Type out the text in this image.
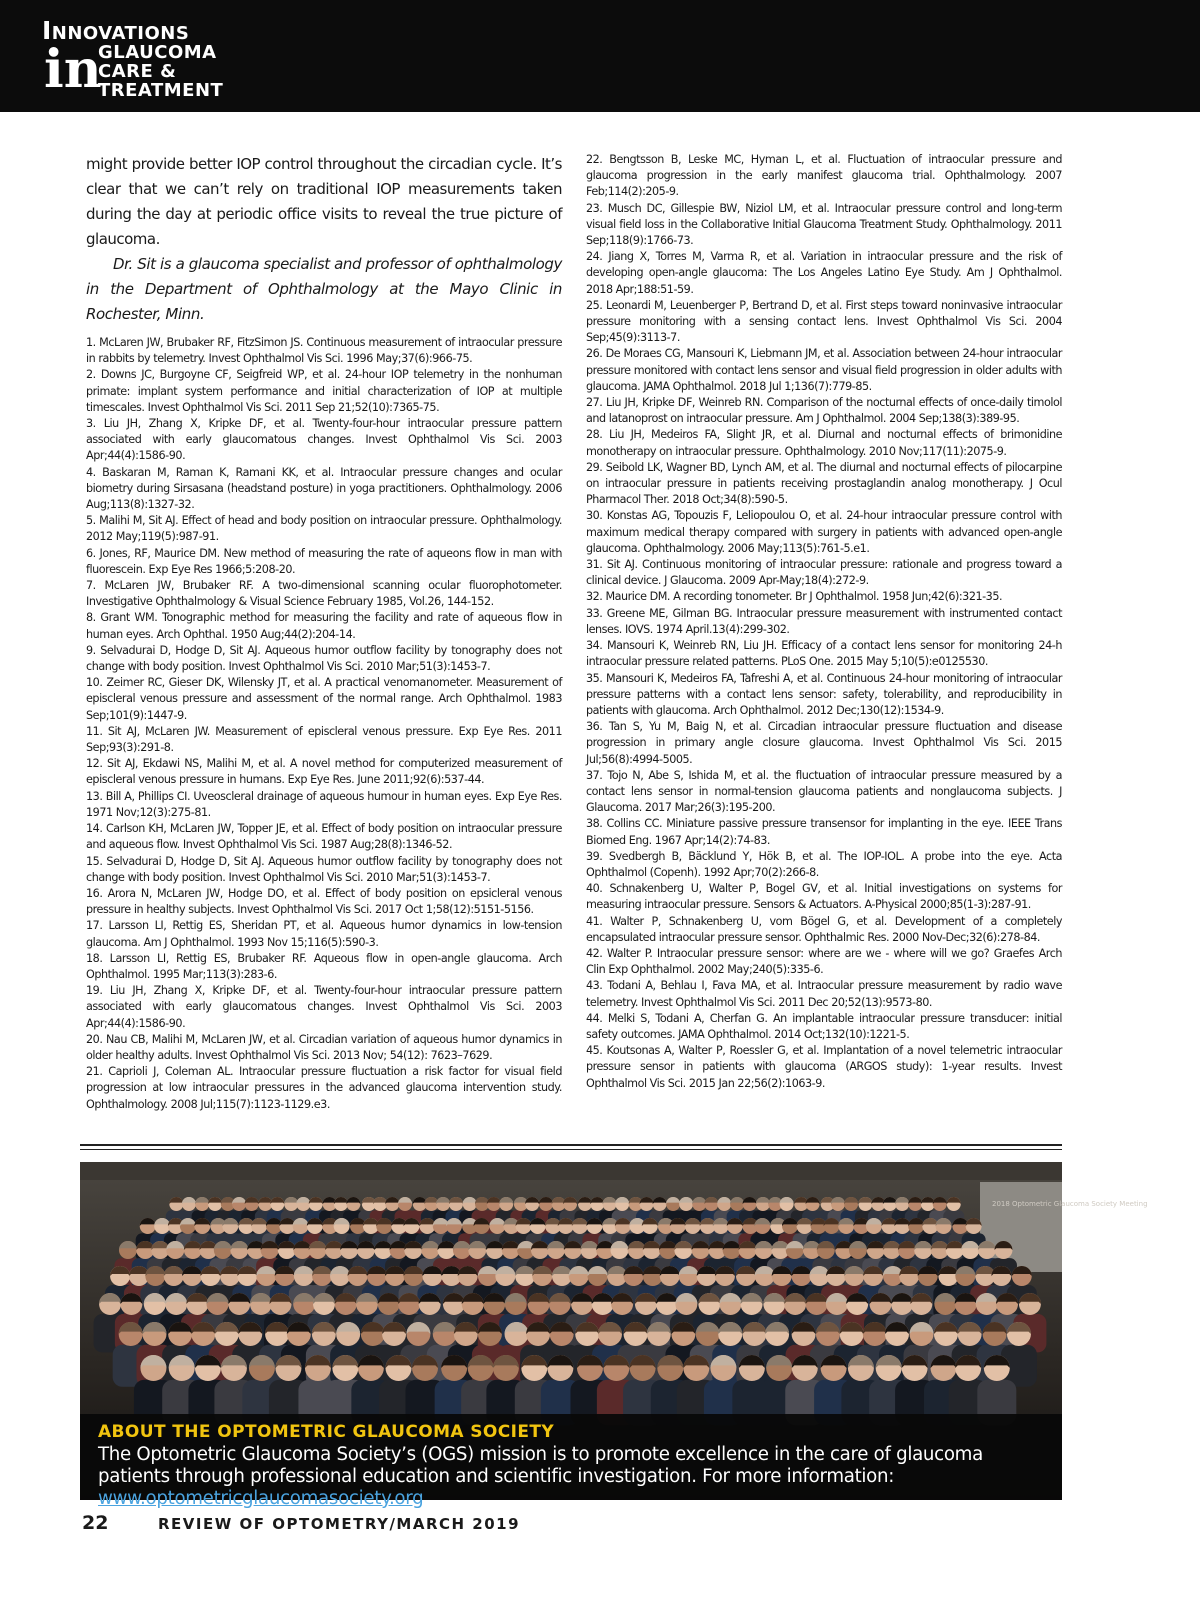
Innovations
in
GLAUCOMA
CARE &
TREATMENT

might provide better IOP control throughout the circadian cycle. It’s clear that we can’t rely on traditional IOP measurements taken during the day at periodic office visits to reveal the true picture of glaucoma.

Dr. Sit is a glaucoma specialist and professor of ophthalmology in the Department of Ophthalmology at the Mayo Clinic in Rochester, Minn.

1. McLaren JW, Brubaker RF, FitzSimon JS. Continuous measurement of intraocular pressure in rabbits by telemetry. Invest Ophthalmol Vis Sci. 1996 May;37(6):966-75.
2. Downs JC, Burgoyne CF, Seigfreid WP, et al. 24-hour IOP telemetry in the nonhuman primate: implant system performance and initial characterization of IOP at multiple timescales. Invest Ophthalmol Vis Sci. 2011 Sep 21;52(10):7365-75.
3. Liu JH, Zhang X, Kripke DF, et al. Twenty-four-hour intraocular pressure pattern associated with early glaucomatous changes. Invest Ophthalmol Vis Sci. 2003 Apr;44(4):1586-90.
4. Baskaran M, Raman K, Ramani KK, et al. Intraocular pressure changes and ocular biometry during Sirsasana (headstand posture) in yoga practitioners. Ophthalmology. 2006 Aug;113(8):1327-32.
5. Malihi M, Sit AJ. Effect of head and body position on intraocular pressure. Ophthalmology. 2012 May;119(5):987-91.
6. Jones, RF, Maurice DM. New method of measuring the rate of aqueons flow in man with fluorescein. Exp Eye Res 1966;5:208-20.
7. McLaren JW, Brubaker RF. A two-dimensional scanning ocular fluorophotometer. Investigative Ophthalmology & Visual Science February 1985, Vol.26, 144-152.
8. Grant WM. Tonographic method for measuring the facility and rate of aqueous flow in human eyes. Arch Ophthal. 1950 Aug;44(2):204-14.
9. Selvadurai D, Hodge D, Sit AJ. Aqueous humor outflow facility by tonography does not change with body position. Invest Ophthalmol Vis Sci. 2010 Mar;51(3):1453-7.
10. Zeimer RC, Gieser DK, Wilensky JT, et al. A practical venomanometer. Measurement of episcleral venous pressure and assessment of the normal range. Arch Ophthalmol. 1983 Sep;101(9):1447-9.
11. Sit AJ, McLaren JW. Measurement of episcleral venous pressure. Exp Eye Res. 2011 Sep;93(3):291-8.
12. Sit AJ, Ekdawi NS, Malihi M, et al. A novel method for computerized measurement of episcleral venous pressure in humans. Exp Eye Res. June 2011;92(6):537-44.
13. Bill A, Phillips CI. Uveoscleral drainage of aqueous humour in human eyes. Exp Eye Res. 1971 Nov;12(3):275-81.
14. Carlson KH, McLaren JW, Topper JE, et al. Effect of body position on intraocular pressure and aqueous flow. Invest Ophthalmol Vis Sci. 1987 Aug;28(8):1346-52.
15. Selvadurai D, Hodge D, Sit AJ. Aqueous humor outflow facility by tonography does not change with body position. Invest Ophthalmol Vis Sci. 2010 Mar;51(3):1453-7.
16. Arora N, McLaren JW, Hodge DO, et al. Effect of body position on epsicleral venous pressure in healthy subjects. Invest Ophthalmol Vis Sci. 2017 Oct 1;58(12):5151-5156.
17. Larsson LI, Rettig ES, Sheridan PT, et al. Aqueous humor dynamics in low-tension glaucoma. Am J Ophthalmol. 1993 Nov 15;116(5):590-3.
18. Larsson LI, Rettig ES, Brubaker RF. Aqueous flow in open-angle glaucoma. Arch Ophthalmol. 1995 Mar;113(3):283-6.
19. Liu JH, Zhang X, Kripke DF, et al. Twenty-four-hour intraocular pressure pattern associated with early glaucomatous changes. Invest Ophthalmol Vis Sci. 2003 Apr;44(4):1586-90.
20. Nau CB, Malihi M, McLaren JW, et al. Circadian variation of aqueous humor dynamics in older healthy adults. Invest Ophthalmol Vis Sci. 2013 Nov; 54(12): 7623–7629.
21. Caprioli J, Coleman AL. Intraocular pressure fluctuation a risk factor for visual field progression at low intraocular pressures in the advanced glaucoma intervention study. Ophthalmology. 2008 Jul;115(7):1123-1129.e3.
22. Bengtsson B, Leske MC, Hyman L, et al. Fluctuation of intraocular pressure and glaucoma progression in the early manifest glaucoma trial. Ophthalmology. 2007 Feb;114(2):205-9.
23. Musch DC, Gillespie BW, Niziol LM, et al. Intraocular pressure control and long-term visual field loss in the Collaborative Initial Glaucoma Treatment Study. Ophthalmology. 2011 Sep;118(9):1766-73.
24. Jiang X, Torres M, Varma R, et al. Variation in intraocular pressure and the risk of developing open-angle glaucoma: The Los Angeles Latino Eye Study. Am J Ophthalmol. 2018 Apr;188:51-59.
25. Leonardi M, Leuenberger P, Bertrand D, et al. First steps toward noninvasive intraocular pressure monitoring with a sensing contact lens. Invest Ophthalmol Vis Sci. 2004 Sep;45(9):3113-7.
26. De Moraes CG, Mansouri K, Liebmann JM, et al. Association between 24-hour intraocular pressure monitored with contact lens sensor and visual field progression in older adults with glaucoma. JAMA Ophthalmol. 2018 Jul 1;136(7):779-85.
27. Liu JH, Kripke DF, Weinreb RN. Comparison of the nocturnal effects of once-daily timolol and latanoprost on intraocular pressure. Am J Ophthalmol. 2004 Sep;138(3):389-95.
28. Liu JH, Medeiros FA, Slight JR, et al. Diurnal and nocturnal effects of brimonidine monotherapy on intraocular pressure. Ophthalmology. 2010 Nov;117(11):2075-9.
29. Seibold LK, Wagner BD, Lynch AM, et al. The diurnal and nocturnal effects of pilocarpine on intraocular pressure in patients receiving prostaglandin analog monotherapy. J Ocul Pharmacol Ther. 2018 Oct;34(8):590-5.
30. Konstas AG, Topouzis F, Leliopoulou O, et al. 24-hour intraocular pressure control with maximum medical therapy compared with surgery in patients with advanced open-angle glaucoma. Ophthalmology. 2006 May;113(5):761-5.e1.
31. Sit AJ. Continuous monitoring of intraocular pressure: rationale and progress toward a clinical device. J Glaucoma. 2009 Apr-May;18(4):272-9.
32. Maurice DM. A recording tonometer. Br J Ophthalmol. 1958 Jun;42(6):321-35.
33. Greene ME, Gilman BG. Intraocular pressure measurement with instrumented contact lenses. IOVS. 1974 April.13(4):299-302.
34. Mansouri K, Weinreb RN, Liu JH. Efficacy of a contact lens sensor for monitoring 24-h intraocular pressure related patterns. PLoS One. 2015 May 5;10(5):e0125530.
35. Mansouri K, Medeiros FA, Tafreshi A, et al. Continuous 24-hour monitoring of intraocular pressure patterns with a contact lens sensor: safety, tolerability, and reproducibility in patients with glaucoma. Arch Ophthalmol. 2012 Dec;130(12):1534-9.
36. Tan S, Yu M, Baig N, et al. Circadian intraocular pressure fluctuation and disease progression in primary angle closure glaucoma. Invest Ophthalmol Vis Sci. 2015 Jul;56(8):4994-5005.
37. Tojo N, Abe S, Ishida M, et al. the fluctuation of intraocular pressure measured by a contact lens sensor in normal-tension glaucoma patients and nonglaucoma subjects. J Glaucoma. 2017 Mar;26(3):195-200.
38. Collins CC. Miniature passive pressure transensor for implanting in the eye. IEEE Trans Biomed Eng. 1967 Apr;14(2):74-83.
39. Svedbergh B, Bäcklund Y, Hök B, et al. The IOP-IOL. A probe into the eye. Acta Ophthalmol (Copenh). 1992 Apr;70(2):266-8.
40. Schnakenberg U, Walter P, Bogel GV, et al. Initial investigations on systems for measuring intraocular pressure. Sensors & Actuators. A-Physical 2000;85(1-3):287-91.
41. Walter P, Schnakenberg U, vom Bögel G, et al. Development of a completely encapsulated intraocular pressure sensor. Ophthalmic Res. 2000 Nov-Dec;32(6):278-84.
42. Walter P. Intraocular pressure sensor: where are we - where will we go? Graefes Arch Clin Exp Ophthalmol. 2002 May;240(5):335-6.
43. Todani A, Behlau I, Fava MA, et al. Intraocular pressure measurement by radio wave telemetry. Invest Ophthalmol Vis Sci. 2011 Dec 20;52(13):9573-80.
44. Melki S, Todani A, Cherfan G. An implantable intraocular pressure transducer: initial safety outcomes. JAMA Ophthalmol. 2014 Oct;132(10):1221-5.
45. Koutsonas A, Walter P, Roessler G, et al. Implantation of a novel telemetric intraocular pressure sensor in patients with glaucoma (ARGOS study): 1-year results. Invest Ophthalmol Vis Sci. 2015 Jan 22;56(2):1063-9.
2018 Optometric Glaucoma Society Meeting
ABOUT THE OPTOMETRIC GLAUCOMA SOCIETY
The Optometric Glaucoma Society’s (OGS) mission is to promote excellence in the care of glaucoma patients through professional education and scientific investigation. For more information: www.optometricglaucomasociety.org
22	REVIEW OF OPTOMETRY/MARCH 2019
